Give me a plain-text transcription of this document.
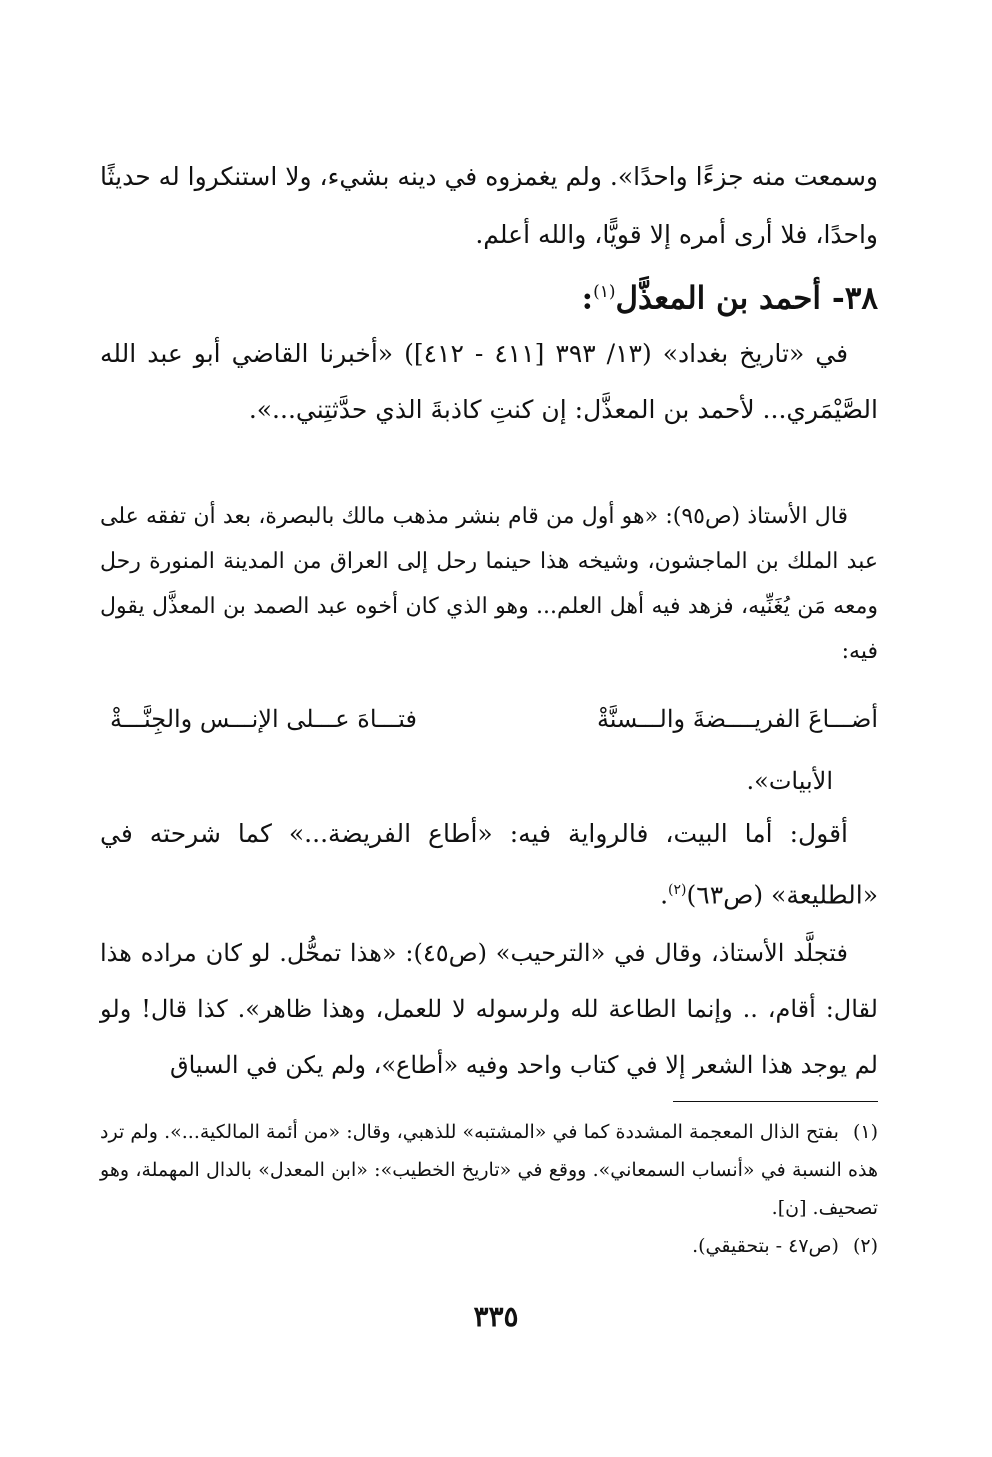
وسمعت منه جزءًا واحدًا». ولم يغمزوه في دينه بشيء، ولا استنكروا له حديثًا واحدًا، فلا أرى أمره إلا قويًّا، والله أعلم.

٣٨- أحمد بن المعذَّل$^{(١)}$:

في «تاريخ بغداد» (١٣/ ٣٩٣ [٤١١ - ٤١٢]) «أخبرنا القاضي أبو عبد الله الصَّيْمَري... لأحمد بن المعذَّل: إن كنتِ كاذبةَ الذي حدَّثتِني...».

قال الأستاذ (ص٩٥): «هو أول من قام بنشر مذهب مالك بالبصرة، بعد أن تفقه على عبد الملك بن الماجشون، وشيخه هذا حينما رحل إلى العراق من المدينة المنورة رحل ومعه مَن يُغَنِّيه، فزهد فيه أهل العلم... وهو الذي كان أخوه عبد الصمد بن المعذَّل يقول فيه:

أضـــاعَ الفريــــضةَ والـــسنَّةْ
فتـــاهَ عـــلى الإنـــس والجِنَّـــةْ
الأبيات».

أقول: أما البيت، فالرواية فيه: «أطاع الفريضة...» كما شرحته في «الطليعة» (ص٦٣)$^{(٢)}$.

فتجلَّد الأستاذ، وقال في «الترحيب» (ص٤٥): «هذا تمحُّل. لو كان مراده هذا لقال: أقام، .. وإنما الطاعة لله ولرسوله لا للعمل، وهذا ظاهر». كذا قال! ولو لم يوجد هذا الشعر إلا في كتاب واحد وفيه «أطاع»، ولم يكن في السياق

(١)بفتح الذال المعجمة المشددة كما في «المشتبه» للذهبي، وقال: «من أئمة المالكية...». ولم ترد هذه النسبة في «أنساب السمعاني». ووقع في «تاريخ الخطيب»: «ابن المعدل» بالدال المهملة، وهو تصحيف. [ن].
(٢)(ص٤٧ - بتحقيقي).
٣٣٥
